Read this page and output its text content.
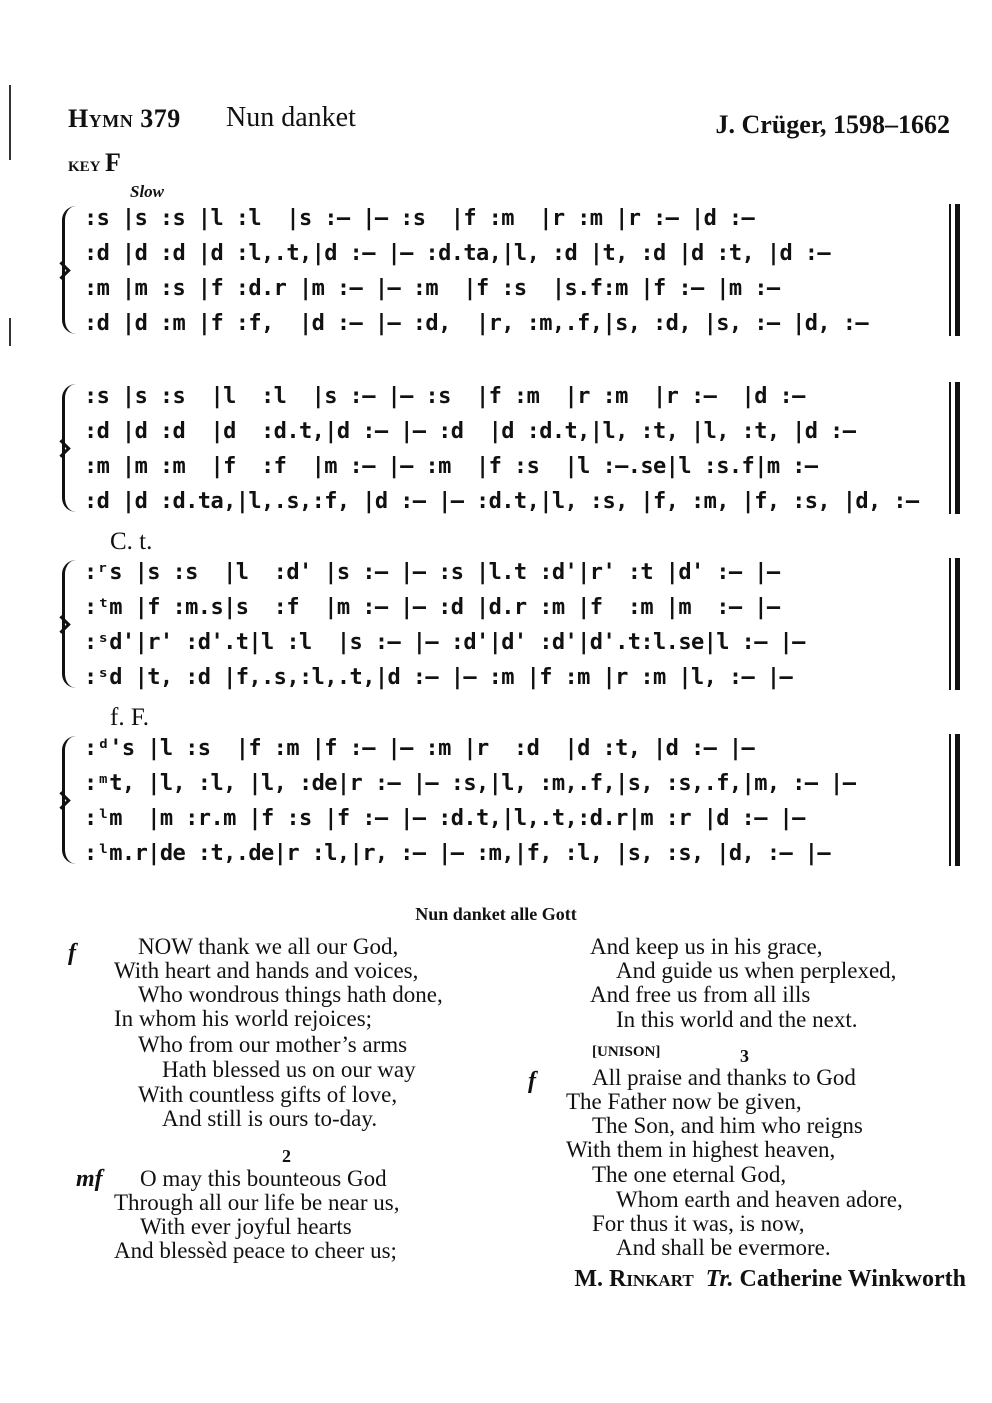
Hymn 379 Nun danket	J. Crüger, 1598–1662
key F
Slow
:s |s :s |l :l  |s :— |— :s  |f :m  |r :m |r :— |d :—
:d |d :d |d :l,.t,|d :— |— :d.ta,|l, :d |t, :d |d :t, |d :—
:m |m :s |f :d.r |m :— |— :m  |f :s  |s.f:m |f :— |m :—
:d |d :m |f :f,  |d :— |— :d,  |r, :m,.f,|s, :d, |s, :— |d, :—
:s |s :s  |l  :l  |s :— |— :s  |f :m  |r :m  |r :—  |d :—
:d |d :d  |d  :d.t,|d :— |— :d  |d :d.t,|l, :t, |l, :t, |d :—
:m |m :m  |f  :f  |m :— |— :m  |f :s  |l :—.se|l :s.f|m :—
:d |d :d.ta,|l,.s,:f, |d :— |— :d.t,|l, :s, |f, :m, |f, :s, |d, :—
C. t.
:ʳs |s :s  |l  :d' |s :— |— :s |l.t :d'|r' :t |d' :— |—
:ᵗm |f :m.s|s  :f  |m :— |— :d |d.r :m |f  :m |m  :— |—
:ˢd'|r' :d'.t|l :l  |s :— |— :d'|d' :d'|d'.t:l.se|l :— |—
:ˢd |t, :d |f,.s,:l,.t,|d :— |— :m |f :m |r :m |l, :— |—
f. F.
:ᵈ's |l :s  |f :m |f :— |— :m |r  :d  |d :t, |d :— |—
:ᵐt, |l, :l, |l, :de|r :— |— :s,|l, :m,.f,|s, :s,.f,|m, :— |—
:ˡm  |m :r.m |f :s |f :— |— :d.t,|l,.t,:d.r|m :r |d :— |—
:ˡm.r|de :t,.de|r :l,|r, :— |— :m,|f, :l, |s, :s, |d, :— |—
Nun danket alle Gott
f	NOW thank we all our God,
With heart and hands and voices,
Who wondrous things hath done,
In whom his world rejoices;
Who from our mother’s arms
Hath blessed us on our way
With countless gifts of love,
And still is ours to-day.
2
mf O may this bounteous God
Through all our life be near us,
With ever joyful hearts
And blessèd peace to cheer us;
And keep us in his grace,
And guide us when perplexed,
And free us from all ills
In this world and the next.
[UNISON]	3
f All praise and thanks to God
The Father now be given,
The Son, and him who reigns
With them in highest heaven,
The one eternal God,
Whom earth and heaven adore,
For thus it was, is now,
And shall be evermore.
M. Rinkart Tr. Catherine Winkworth
